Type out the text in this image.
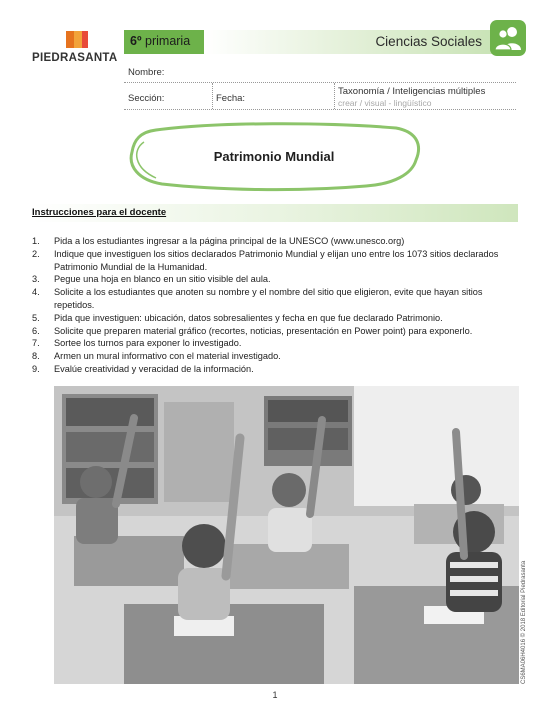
PIEDRASANTA
6º primaria	Ciencias Sociales
Nombre:
Sección:	Fecha:
Taxonomía / Inteligencias múltiples
crear / visual - lingüístico
Patrimonio Mundial
Instrucciones para el docente
1. Pida a los estudiantes ingresar a la página principal de la UNESCO (www.unesco.org)
2. Indique que investiguen los sitios declarados Patrimonio Mundial y elijan uno entre los 1073 sitios declarados Patrimonio Mundial de la Humanidad.
3. Pegue una hoja en blanco en un sitio visible del aula.
4. Solicite a los estudiantes que anoten su nombre y el nombre del sitio que eligieron, evite que hayan sitios repetidos.
5. Pida que investiguen: ubicación, datos sobresalientes y fecha en que fue declarado Patrimonio.
6. Solicite que preparen material gráfico (recortes, noticias, presentación en Power point) para exponerlo.
7. Sortee los turnos para exponer lo investigado.
8. Armen un mural informativo con el material investigado.
9. Evalúe creatividad y veracidad de la información.
CS6MA06H4016 © 2018 Editorial Piedrasanta
1
